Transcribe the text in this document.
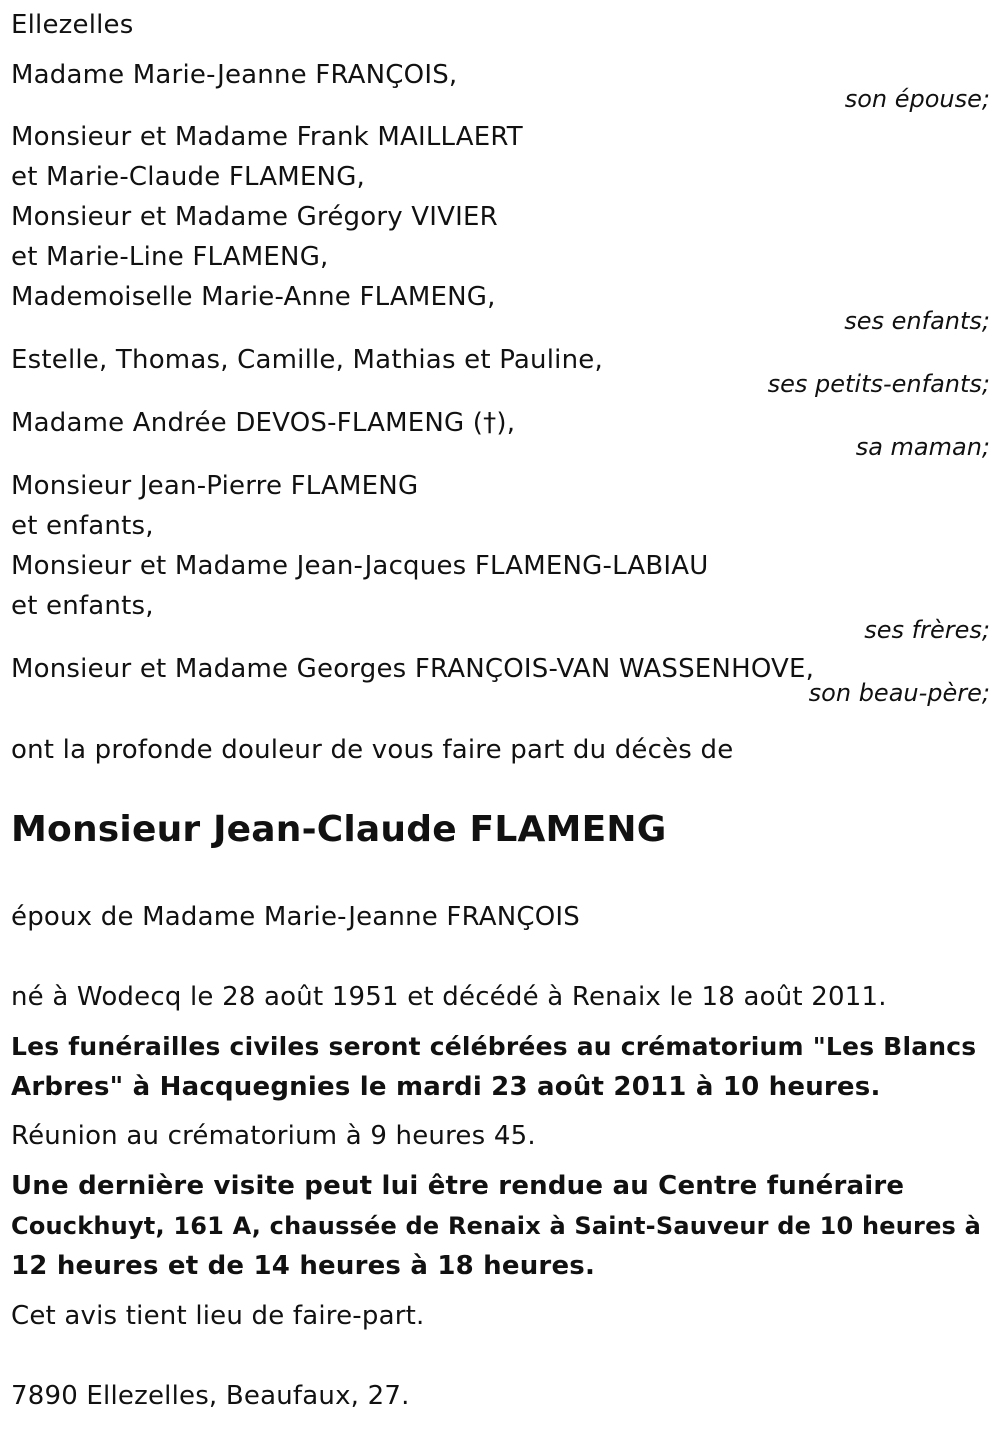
Ellezelles
Madame Marie-Jeanne FRANÇOIS,
son épouse;
Monsieur et Madame Frank MAILLAERT
et Marie-Claude FLAMENG,
Monsieur et Madame Grégory VIVIER
et Marie-Line FLAMENG,
Mademoiselle Marie-Anne FLAMENG,
ses enfants;
Estelle, Thomas, Camille, Mathias et Pauline,
ses petits-enfants;
Madame Andrée DEVOS-FLAMENG (†),
sa maman;
Monsieur Jean-Pierre FLAMENG
et enfants,
Monsieur et Madame Jean-Jacques FLAMENG-LABIAU
et enfants,
ses frères;
Monsieur et Madame Georges FRANÇOIS-VAN WASSENHOVE,
son beau-père;
ont la profonde douleur de vous faire part du décès de
Monsieur Jean-Claude FLAMENG
époux de Madame Marie-Jeanne FRANÇOIS
né à Wodecq le 28 août 1951 et décédé à Renaix le 18 août 2011.
Les funérailles civiles seront célébrées au crématorium "Les Blancs
Arbres" à Hacquegnies le mardi 23 août 2011 à 10 heures.
Réunion au crématorium à 9 heures 45.
Une dernière visite peut lui être rendue au Centre funéraire
Couckhuyt, 161 A, chaussée de Renaix à Saint-Sauveur de 10 heures à
12 heures et de 14 heures à 18 heures.
Cet avis tient lieu de faire-part.
7890 Ellezelles, Beaufaux, 27.
